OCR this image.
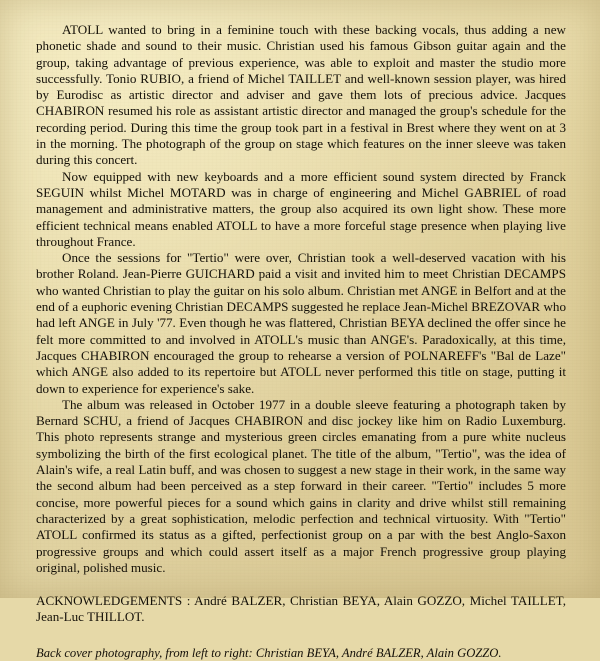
ATOLL wanted to bring in a feminine touch with these backing vocals, thus adding a new phonetic shade and sound to their music. Christian used his famous Gibson guitar again and the group, taking advantage of previous experience, was able to exploit and master the studio more successfully. Tonio RUBIO, a friend of Michel TAILLET and well-known session player, was hired by Eurodisc as artistic director and adviser and gave them lots of precious advice. Jacques CHABIRON resumed his role as assistant artistic director and managed the group's schedule for the recording period. During this time the group took part in a festival in Brest where they went on at 3 in the morning. The photograph of the group on stage which features on the inner sleeve was taken during this concert.

Now equipped with new keyboards and a more efficient sound system directed by Franck SEGUIN whilst Michel MOTARD was in charge of engineering and Michel GABRIEL of road management and administrative matters, the group also acquired its own light show. These more efficient technical means enabled ATOLL to have a more forceful stage presence when playing live throughout France.

Once the sessions for "Tertio" were over, Christian took a well-deserved vacation with his brother Roland. Jean-Pierre GUICHARD paid a visit and invited him to meet Christian DECAMPS who wanted Christian to play the guitar on his solo album. Christian met ANGE in Belfort and at the end of a euphoric evening Christian DECAMPS suggested he replace Jean-Michel BREZOVAR who had left ANGE in July '77. Even though he was flattered, Christian BEYA declined the offer since he felt more committed to and involved in ATOLL's music than ANGE's. Paradoxically, at this time, Jacques CHABIRON encouraged the group to rehearse a version of POLNAREFF's "Bal de Laze" which ANGE also added to its repertoire but ATOLL never performed this title on stage, putting it down to experience for experience's sake.

The album was released in October 1977 in a double sleeve featuring a photograph taken by Bernard SCHU, a friend of Jacques CHABIRON and disc jockey like him on Radio Luxemburg. This photo represents strange and mysterious green circles emanating from a pure white nucleus symbolizing the birth of the first ecological planet. The title of the album, "Tertio", was the idea of Alain's wife, a real Latin buff, and was chosen to suggest a new stage in their work, in the same way the second album had been perceived as a step forward in their career. "Tertio" includes 5 more concise, more powerful pieces for a sound which gains in clarity and drive whilst still remaining characterized by a great sophistication, melodic perfection and technical virtuosity. With "Tertio" ATOLL confirmed its status as a gifted, perfectionist group on a par with the best Anglo-Saxon progressive groups and which could assert itself as a major French progressive group playing original, polished music.

ACKNOWLEDGEMENTS : André BALZER, Christian BEYA, Alain GOZZO, Michel TAILLET, Jean-Luc THILLOT.
Back cover photography, from left to right: Christian BEYA, André BALZER, Alain GOZZO.
